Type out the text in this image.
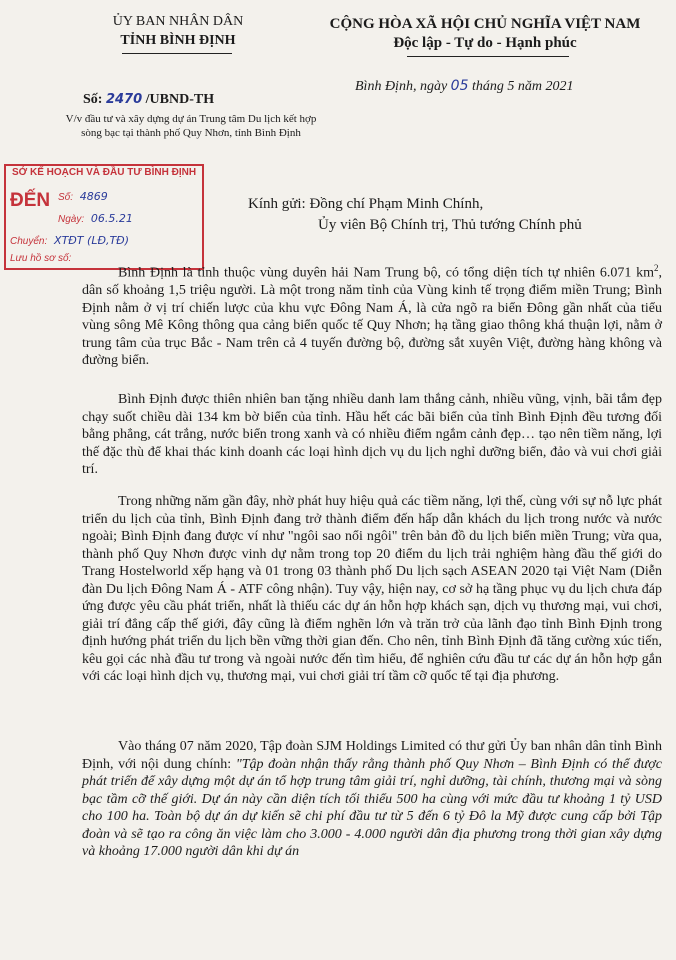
ỦY BAN NHÂN DÂN
TỈNH BÌNH ĐỊNH
CỘNG HÒA XÃ HỘI CHỦ NGHĨA VIỆT NAM
Độc lập - Tự do - Hạnh phúc
Bình Định, ngày 05 tháng 5 năm 2021
Số: 2470 /UBND-TH
V/v đầu tư và xây dựng dự án Trung tâm Du lịch kết hợp sòng bạc tại thành phố Quy Nhơn, tỉnh Bình Định
SỞ KẾ HOẠCH VÀ ĐẦU TƯ BÌNH ĐỊNH
ĐẾN Số: 4869
Ngày: 06.5.21
Chuyển: XTĐT (LĐ,TĐ)
Lưu hồ sơ số:
Kính gửi: Đồng chí Phạm Minh Chính,
Ủy viên Bộ Chính trị, Thủ tướng Chính phủ
Bình Định là tỉnh thuộc vùng duyên hải Nam Trung bộ, có tổng diện tích tự nhiên 6.071 $km^2$, dân số khoảng 1,5 triệu người. Là một trong năm tỉnh của Vùng kinh tế trọng điểm miền Trung; Bình Định nằm ở vị trí chiến lược của khu vực Đông Nam Á, là cửa ngõ ra biển Đông gần nhất của tiểu vùng sông Mê Kông thông qua cảng biển quốc tế Quy Nhơn; hạ tầng giao thông khá thuận lợi, nằm ở trung tâm của trục Bắc - Nam trên cả 4 tuyến đường bộ, đường sắt xuyên Việt, đường hàng không và đường biển.
Bình Định được thiên nhiên ban tặng nhiều danh lam thắng cảnh, nhiều vũng, vịnh, bãi tắm đẹp chạy suốt chiều dài 134 km bờ biển của tỉnh. Hầu hết các bãi biển của tỉnh Bình Định đều tương đối bằng phẳng, cát trắng, nước biển trong xanh và có nhiều điểm ngắm cảnh đẹp… tạo nên tiềm năng, lợi thế đặc thù để khai thác kinh doanh các loại hình dịch vụ du lịch nghỉ dưỡng biển, đảo và vui chơi giải trí.
Trong những năm gần đây, nhờ phát huy hiệu quả các tiềm năng, lợi thế, cùng với sự nỗ lực phát triển du lịch của tỉnh, Bình Định đang trở thành điểm đến hấp dẫn khách du lịch trong nước và nước ngoài; Bình Định đang được ví như "ngôi sao nổi ngôi" trên bản đồ du lịch biển miền Trung; vừa qua, thành phố Quy Nhơn được vinh dự nằm trong top 20 điểm du lịch trải nghiệm hàng đầu thế giới do Trang Hostelworld xếp hạng và 01 trong 03 thành phố Du lịch sạch ASEAN 2020 tại Việt Nam (Diễn đàn Du lịch Đông Nam Á - ATF công nhận). Tuy vậy, hiện nay, cơ sở hạ tầng phục vụ du lịch chưa đáp ứng được yêu cầu phát triển, nhất là thiếu các dự án hỗn hợp khách sạn, dịch vụ thương mại, vui chơi, giải trí đẳng cấp thế giới, đây cũng là điểm nghẽn lớn và trăn trở của lãnh đạo tỉnh Bình Định trong định hướng phát triển du lịch bền vững thời gian đến. Cho nên, tỉnh Bình Định đã tăng cường xúc tiến, kêu gọi các nhà đầu tư trong và ngoài nước đến tìm hiểu, để nghiên cứu đầu tư các dự án hỗn hợp gắn với các loại hình dịch vụ, thương mại, vui chơi giải trí tầm cỡ quốc tế tại địa phương.
Vào tháng 07 năm 2020, Tập đoàn SJM Holdings Limited có thư gửi Ủy ban nhân dân tỉnh Bình Định, với nội dung chính: "Tập đoàn nhận thấy rằng thành phố Quy Nhơn – Bình Định có thể được phát triển để xây dựng một dự án tổ hợp trung tâm giải trí, nghỉ dưỡng, tài chính, thương mại và sòng bạc tầm cỡ thế giới. Dự án này cần diện tích tối thiểu 500 ha cùng với mức đầu tư khoảng 1 tỷ USD cho 100 ha. Toàn bộ dự án dự kiến sẽ chi phí đầu tư từ 5 đến 6 tỷ Đô la Mỹ được cung cấp bởi Tập đoàn và sẽ tạo ra công ăn việc làm cho 3.000 - 4.000 người dân địa phương trong thời gian xây dựng và khoảng 17.000 người dân khi dự án
